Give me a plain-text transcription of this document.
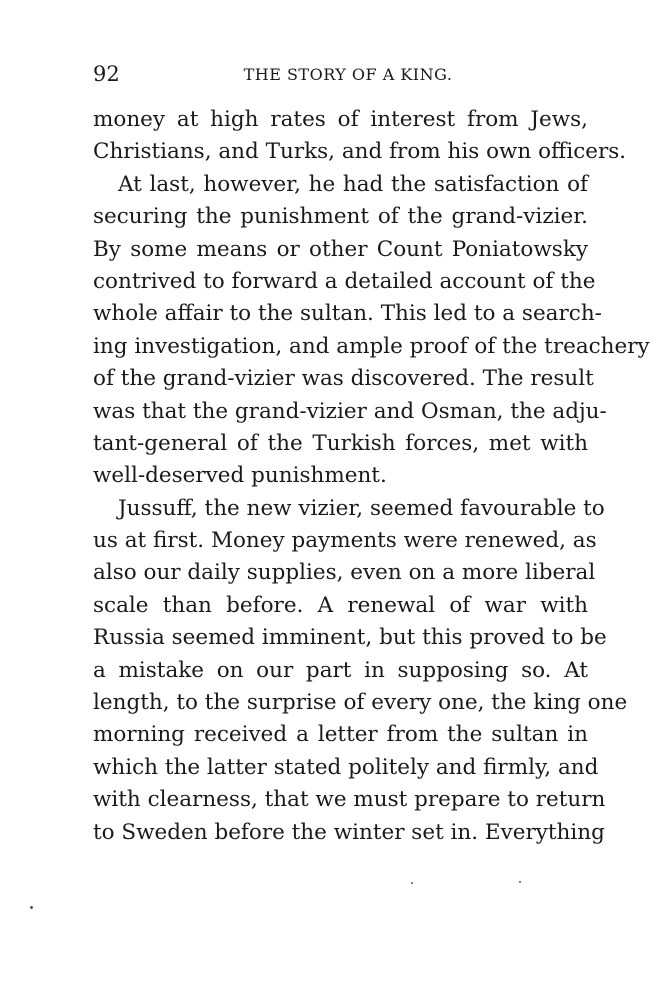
92	THE STORY OF A KING.
money at high rates of interest from Jews,
Christians, and Turks, and from his own officers.
At last, however, he had the satisfaction of
securing the punishment of the grand-vizier.
By some means or other Count Poniatowsky
contrived to forward a detailed account of the
whole affair to the sultan. This led to a search-
ing investigation, and ample proof of the treachery
of the grand-vizier was discovered. The result
was that the grand-vizier and Osman, the adju-
tant-general of the Turkish forces, met with
well-deserved punishment.
Jussuff, the new vizier, seemed favourable to
us at first. Money payments were renewed, as
also our daily supplies, even on a more liberal
scale than before. A renewal of war with
Russia seemed imminent, but this proved to be
a mistake on our part in supposing so. At
length, to the surprise of every one, the king one
morning received a letter from the sultan in
which the latter stated politely and firmly, and
with clearness, that we must prepare to return
to Sweden before the winter set in. Everything
